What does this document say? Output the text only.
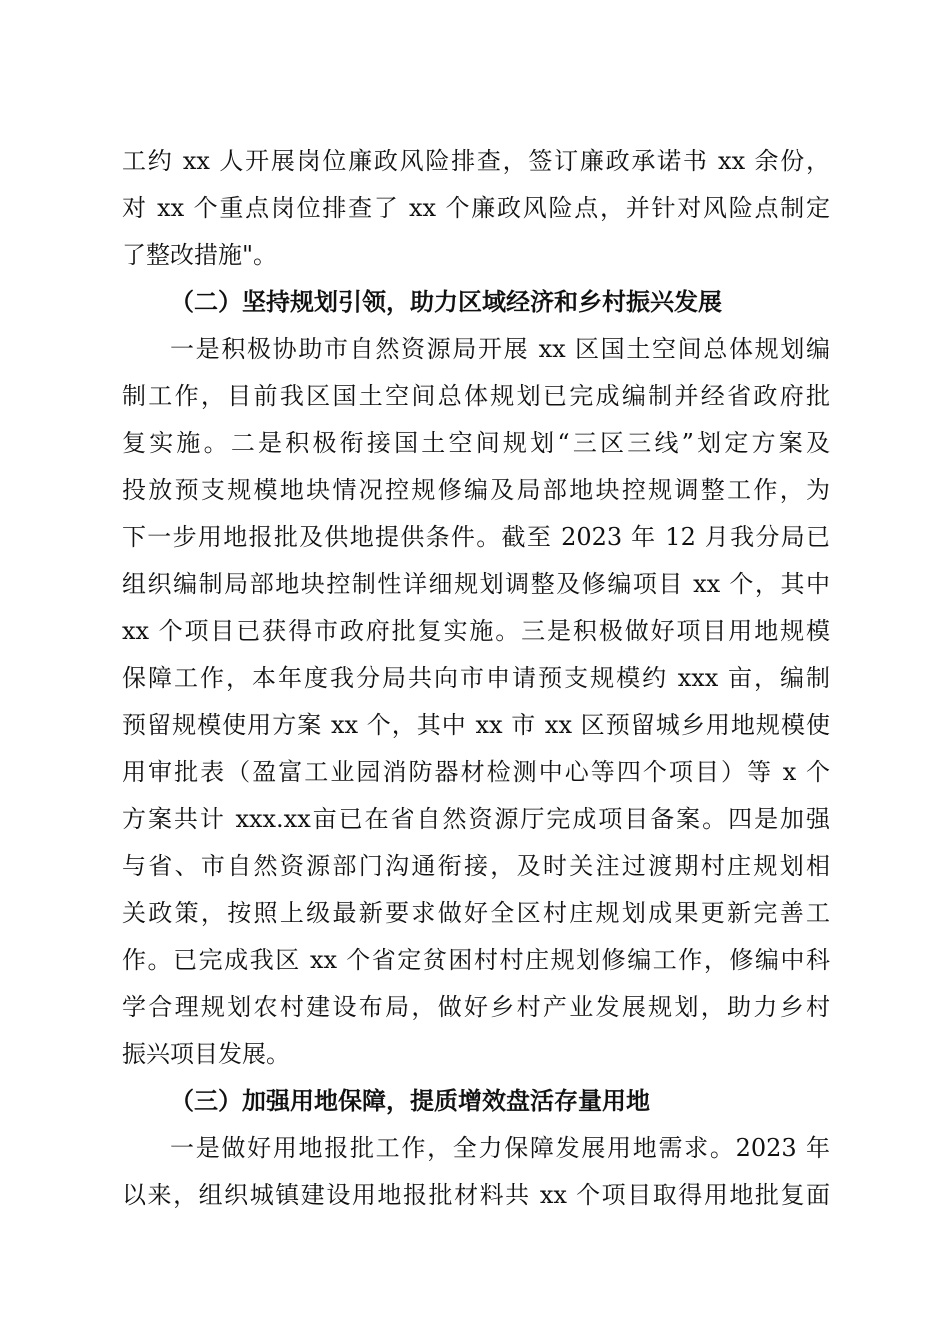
工约 xx 人开展岗位廉政风险排查，签订廉政承诺书 xx 余份，
对 xx 个重点岗位排查了 xx 个廉政风险点，并针对风险点制定
了整改措施"。
（二）坚持规划引领，助力区域经济和乡村振兴发展
一是积极协助市自然资源局开展 xx 区国土空间总体规划编
制工作，目前我区国土空间总体规划已完成编制并经省政府批
复实施。二是积极衔接国土空间规划“三区三线”划定方案及
投放预支规模地块情况控规修编及局部地块控规调整工作，为
下一步用地报批及供地提供条件。截至 2023 年 12 月我分局已
组织编制局部地块控制性详细规划调整及修编项目 xx 个，其中
xx 个项目已获得市政府批复实施。三是积极做好项目用地规模
保障工作，本年度我分局共向市申请预支规模约 xxx 亩，编制
预留规模使用方案 xx 个，其中 xx 市 xx 区预留城乡用地规模使
用审批表（盈富工业园消防器材检测中心等四个项目）等 x 个
方案共计 xxx.xx亩已在省自然资源厅完成项目备案。四是加强
与省、市自然资源部门沟通衔接，及时关注过渡期村庄规划相
关政策，按照上级最新要求做好全区村庄规划成果更新完善工
作。已完成我区 xx 个省定贫困村村庄规划修编工作，修编中科
学合理规划农村建设布局，做好乡村产业发展规划，助力乡村
振兴项目发展。
（三）加强用地保障，提质增效盘活存量用地
一是做好用地报批工作，全力保障发展用地需求。2023 年
以来，组织城镇建设用地报批材料共 xx 个项目取得用地批复面
